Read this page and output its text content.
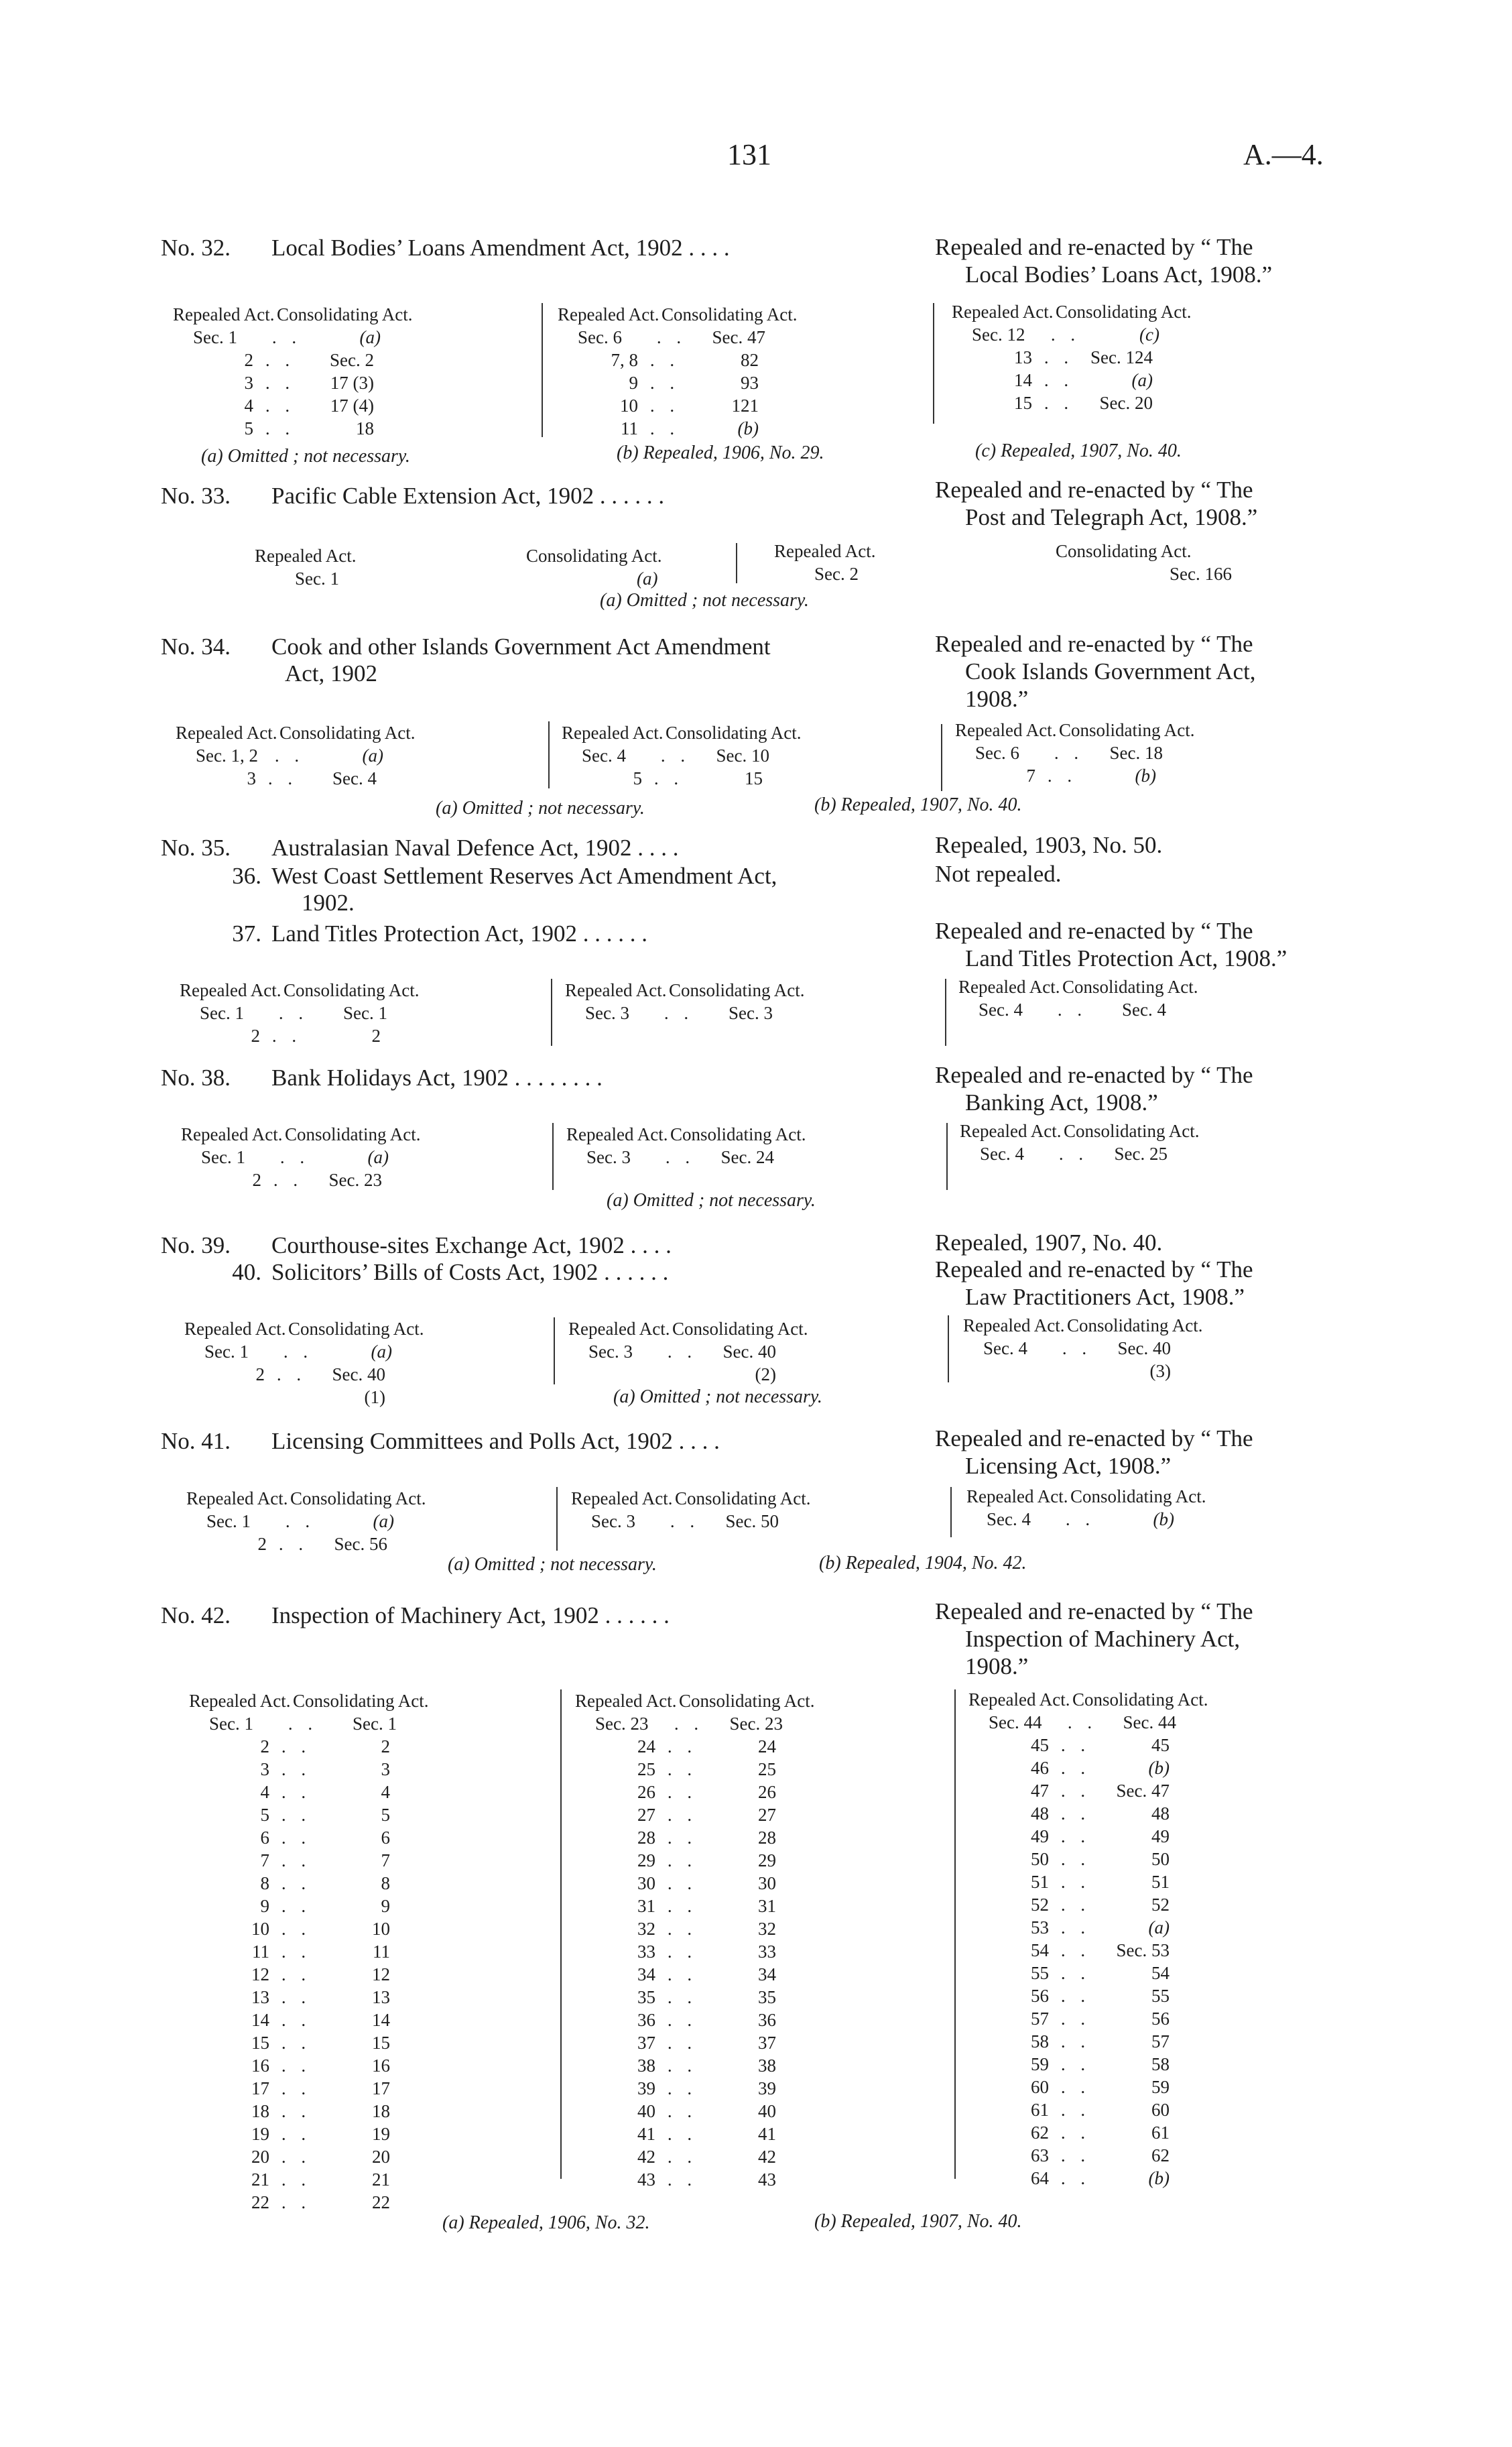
131	A.—4.
No. 32. Local Bodies’ Loans Amendment Act, 1902 . . . .	Repealed and re-enacted by “ The
Local Bodies’ Loans Act, 1908.”
Repealed Act. Consolidating Act.
Sec. 1	. .	(a)
2 . .	Sec. 2
3 . .	17 (3)
4 . .	17 (4)
5 . .	18
Repealed Act. Consolidating Act.
Sec. 6	. .	Sec. 47
7, 8 . .	82
9 . .	93
10 . .	121
11 . .	(b)
Repealed Act. Consolidating Act.
Sec. 12	. .	(c)
13 . . Sec. 124
14 . .	(a)
15 . .	Sec. 20
(a) Omitted ; not necessary.	(b) Repealed, 1906, No. 29.	(c) Repealed, 1907, No. 40.
No. 33. Pacific Cable Extension Act, 1902 . . . . . .	Repealed and re-enacted by “ The
Post and Telegraph Act, 1908.”
Repealed Act.	Consolidating Act.
Sec. 1	(a)
Repealed Act.	Consolidating Act.
Sec. 2	Sec. 166
(a) Omitted ; not necessary.
No. 34. Cook and other Islands Government Act Amendment
Act, 1902
Repealed and re-enacted by “ The
Cook Islands Government Act,
1908.”
Repealed Act. Consolidating Act.
Sec. 1, 2 . .	(a)
3 . .	Sec. 4
Repealed Act. Consolidating Act.
Sec. 4	. .	Sec. 10
5 . .	15
Repealed Act. Consolidating Act.
Sec. 6	. .	Sec. 18
7 . .	(b)
(a) Omitted ; not necessary.	(b) Repealed, 1907, No. 40.
No. 35. Australasian Naval Defence Act, 1902 . . . .	Repealed, 1903, No. 50.
36. West Coast Settlement Reserves Act Amendment Act,
1902.
Not repealed.
37. Land Titles Protection Act, 1902 . . . . . .	Repealed and re-enacted by “ The
Land Titles Protection Act, 1908.”
Repealed Act. Consolidating Act.
Sec. 1	. .	Sec. 1
2 . .	2
Repealed Act. Consolidating Act.
Sec. 3	. .	Sec. 3
Repealed Act. Consolidating Act.
Sec. 4	. .	Sec. 4
No. 38. Bank Holidays Act, 1902 . . . . . . . .	Repealed and re-enacted by “ The
Banking Act, 1908.”
Repealed Act. Consolidating Act.
Sec. 1	. .	(a)
2 . .	Sec. 23
Repealed Act. Consolidating Act.
Sec. 3	. .	Sec. 24
Repealed Act. Consolidating Act.
Sec. 4	. .	Sec. 25
(a) Omitted ; not necessary.
No. 39. Courthouse-sites Exchange Act, 1902 . . . .	Repealed, 1907, No. 40.
40. Solicitors’ Bills of Costs Act, 1902 . . . . . .	Repealed and re-enacted by “ The
Law Practitioners Act, 1908.”
Repealed Act. Consolidating Act.
Sec. 1	. .	(a)
2 . .	Sec. 40 (1)
Repealed Act. Consolidating Act.
Sec. 3	. .	Sec. 40 (2)
Repealed Act. Consolidating Act.
Sec. 4	. .	Sec. 40 (3)
(a) Omitted ; not necessary.
No. 41. Licensing Committees and Polls Act, 1902 . . . .	Repealed and re-enacted by “ The
Licensing Act, 1908.”
Repealed Act. Consolidating Act.
Sec. 1	. .	(a)
2 . .	Sec. 56
Repealed Act. Consolidating Act.
Sec. 3	. .	Sec. 50
Repealed Act. Consolidating Act.
Sec. 4	. .	(b)
(a) Omitted ; not necessary.	(b) Repealed, 1904, No. 42.
No. 42. Inspection of Machinery Act, 1902 . . . . . .	Repealed and re-enacted by “ The
Inspection of Machinery Act,
1908.”
Repealed Act. Consolidating Act.
Sec. 1	. .	Sec. 1
2 . .	2
3 . .	3
4 . .	4
5 . .	5
6 . .	6
7 . .	7
8 . .	8
9 . .	9
10 . .	10
11 . .	11
12 . .	12
13 . .	13
14 . .	14
15 . .	15
16 . .	16
17 . .	17
18 . .	18
19 . .	19
20 . .	20
21 . .	21
22 . .	22
Repealed Act. Consolidating Act.
Sec. 23	. .	Sec. 23
24 . .	24
25 . .	25
26 . .	26
27 . .	27
28 . .	28
29 . .	29
30 . .	30
31 . .	31
32 . .	32
33 . .	33
34 . .	34
35 . .	35
36 . .	36
37 . .	37
38 . .	38
39 . .	39
40 . .	40
41 . .	41
42 . .	42
43 . .	43
Repealed Act. Consolidating Act.
Sec. 44	. .	Sec. 44
45 . .	45
46 . .	(b)
47 . .	Sec. 47
48 . .	48
49 . .	49
50 . .	50
51 . .	51
52 . .	52
53 . .	(a)
54 . .	Sec. 53
55 . .	54
56 . .	55
57 . .	56
58 . .	57
59 . .	58
60 . .	59
61 . .	60
62 . .	61
63 . .	62
64 . .	(b)
(a) Repealed, 1906, No. 32.	(b) Repealed, 1907, No. 40.
